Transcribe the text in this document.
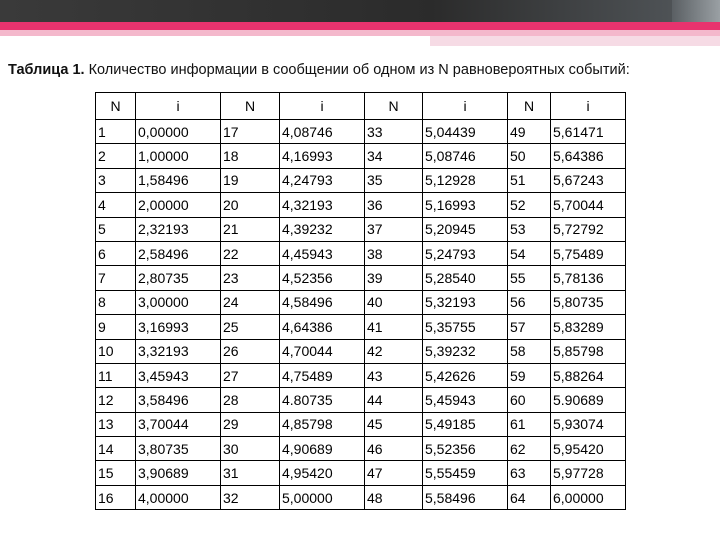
Таблица 1. Количество информации в сообщении об одном из N равновероятных событий:
N	i	N	i	N	i	N	i
1	0,00000	17	4,08746	33	5,04439	49	5,61471
2	1,00000	18	4,16993	34	5,08746	50	5,64386
3	1,58496	19	4,24793	35	5,12928	51	5,67243
4	2,00000	20	4,32193	36	5,16993	52	5,70044
5	2,32193	21	4,39232	37	5,20945	53	5,72792
6	2,58496	22	4,45943	38	5,24793	54	5,75489
7	2,80735	23	4,52356	39	5,28540	55	5,78136
8	3,00000	24	4,58496	40	5,32193	56	5,80735
9	3,16993	25	4,64386	41	5,35755	57	5,83289
10	3,32193	26	4,70044	42	5,39232	58	5,85798
11	3,45943	27	4,75489	43	5,42626	59	5,88264
12	3,58496	28	4.80735	44	5,45943	60	5.90689
13	3,70044	29	4,85798	45	5,49185	61	5,93074
14	3,80735	30	4,90689	46	5,52356	62	5,95420
15	3,90689	31	4,95420	47	5,55459	63	5,97728
16	4,00000	32	5,00000	48	5,58496	64	6,00000
